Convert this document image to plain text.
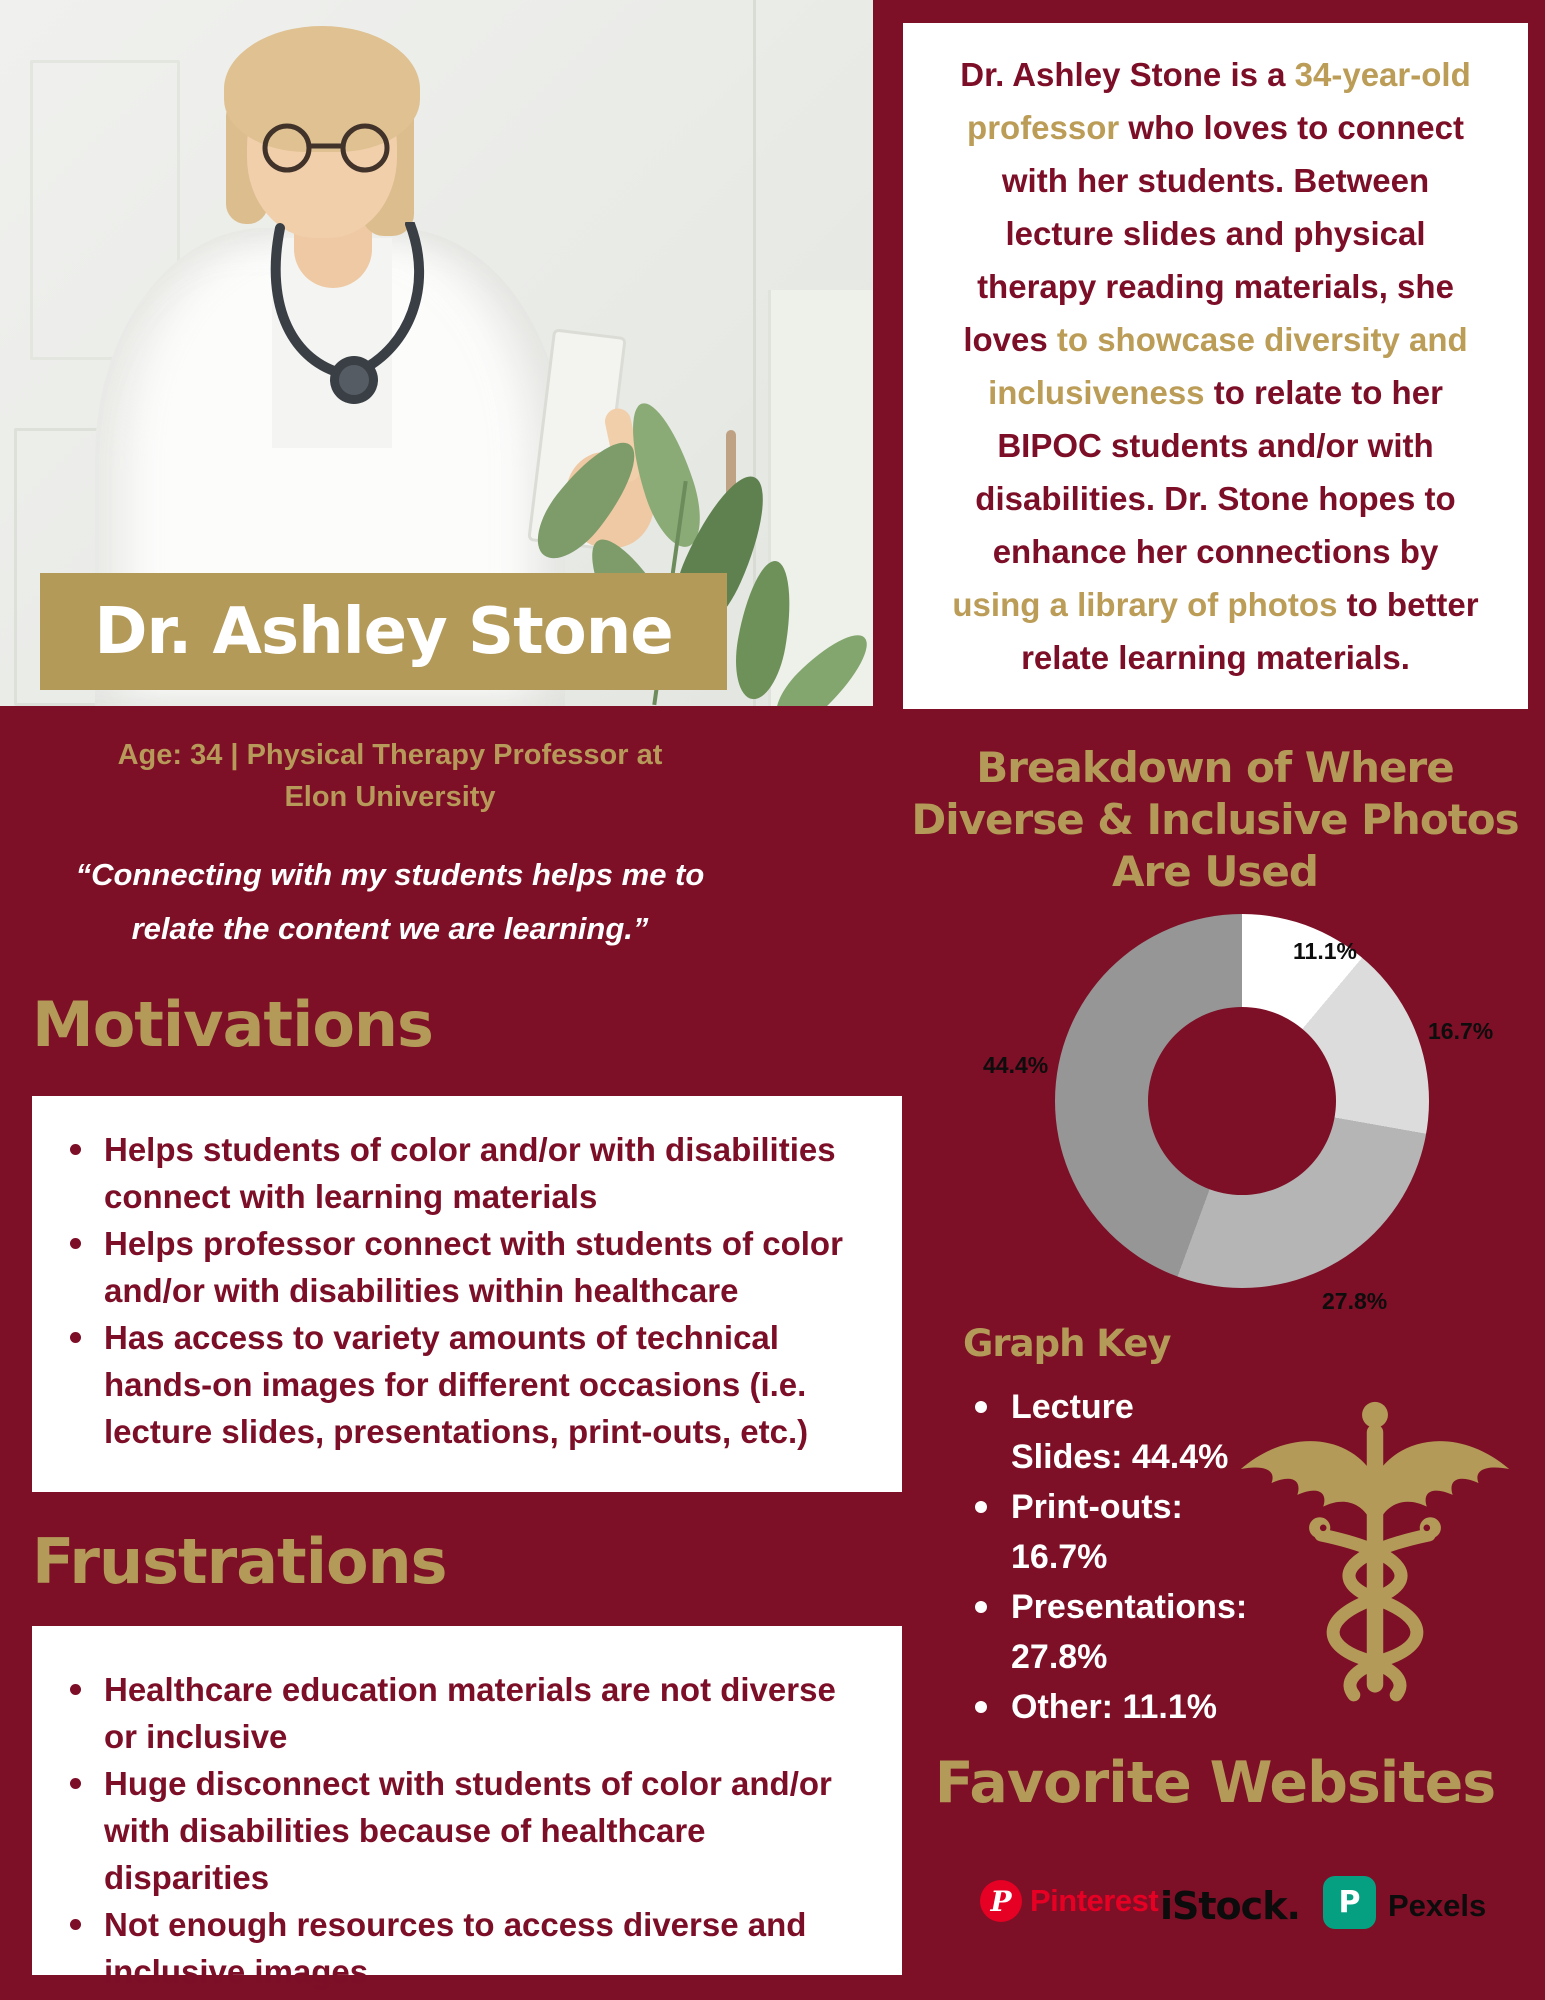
Dr. Ashley Stone

Dr. Ashley Stone is a 34-year-old professor who loves to connect with her students. Between lecture slides and physical therapy reading materials, she loves to showcase diversity and inclusiveness to relate to her BIPOC students and/or with disabilities. Dr. Stone hopes to enhance her connections by using a library of photos to better relate learning materials.

Age: 34 | Physical Therapy Professor at
Elon University
“Connecting with my students helps me to
relate the content we are learning.”
Motivations
Helps students of color and/or with disabilities connect with learning materials
Helps professor connect with students of color and/or with disabilities within healthcare
Has access to variety amounts of technical hands-on images for different occasions (i.e. lecture slides, presentations, print-outs, etc.)
Frustrations
Healthcare education materials are not diverse or inclusive
Huge disconnect with students of color and/or with disabilities because of healthcare disparities
Not enough resources to access diverse and inclusive images
Breakdown of Where Diverse & Inclusive Photos Are Used
11.1%
16.7%
27.8%
44.4%
Graph Key
Lecture Slides: 44.4%
Print-outs: 16.7%
Presentations: 27.8%
Other: 11.1%
Favorite Websites
P Pinterest iStock.	P Pexels
